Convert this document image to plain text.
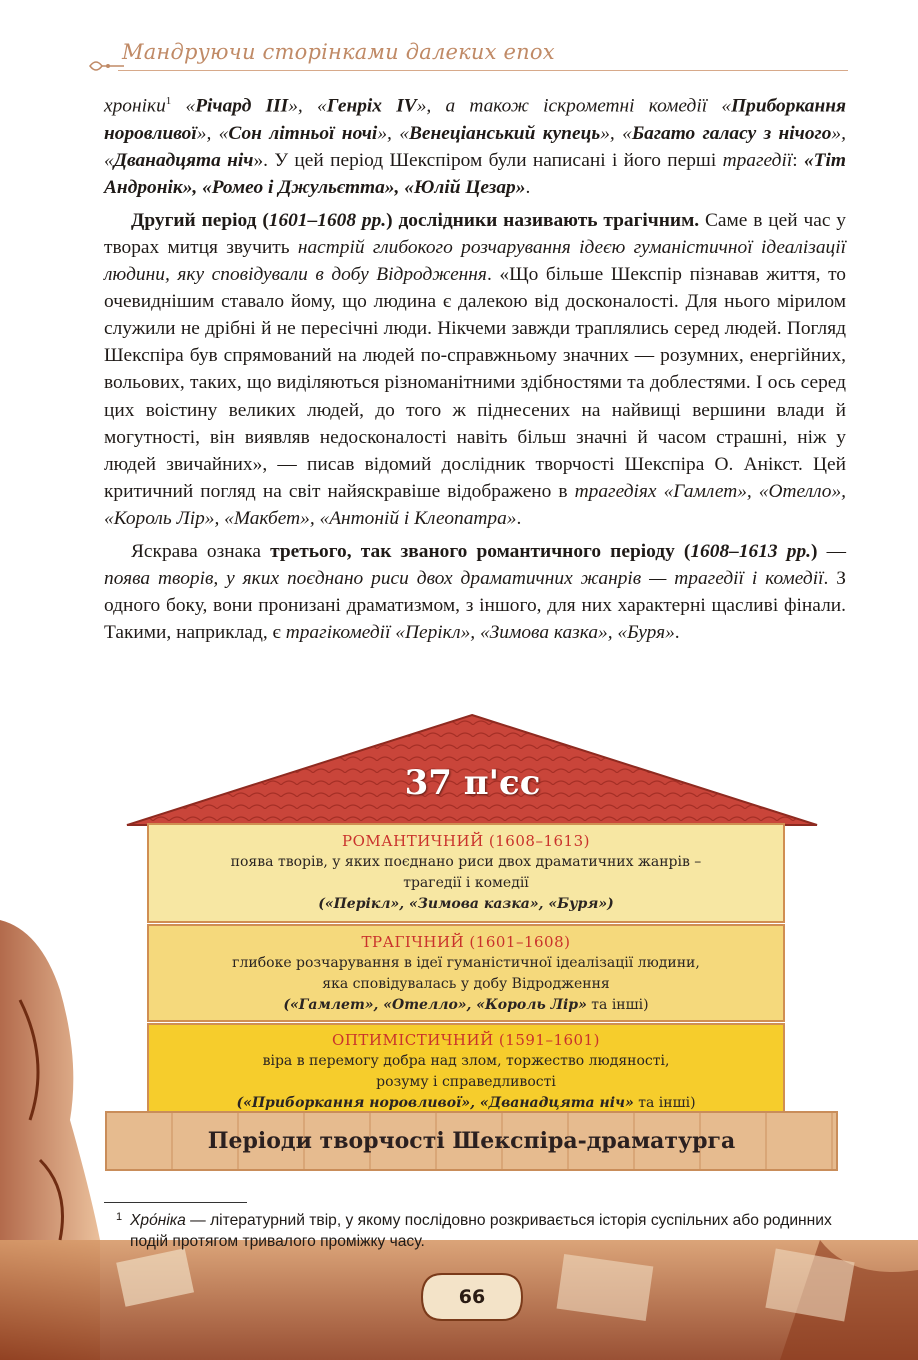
Мандруючи сторінками далеких епох

хроніки$^1$ «Річард ІІІ», «Генріх IV», а також іскрометні комедії «Приборкання норовливої», «Сон літньої ночі», «Венеціанський купець», «Багато галасу з нічого», «Дванадцята ніч». У цей період Шекспіром були написані і його перші трагедії: «Тіт Андронік», «Ромео і Джульєтта», «Юлій Цезар».

Другий період (1601–1608 рр.) дослідники називають трагічним. Саме в цей час у творах митця звучить настрій глибокого розчарування ідеєю гуманістичної ідеалізації людини, яку сповідували в добу Відродження. «Що більше Шекспір пізнавав життя, то очевиднішим ставало йому, що людина є далекою від досконалості. Для нього мірилом служили не дрібні й не пересічні люди. Нікчеми завжди траплялись серед людей. Погляд Шекспіра був спрямований на людей по-справжньому значних — розумних, енергійних, вольових, таких, що виділяються різноманітними здібностями та доблестями. І ось серед цих воістину великих людей, до того ж піднесених на найвищі вершини влади й могутності, він виявляв недосконалості навіть більш значні й часом страшні, ніж у людей звичайних», — писав відомий дослідник творчості Шекспіра О. Анікст. Цей критичний погляд на світ найяскравіше відображено в трагедіях «Гамлет», «Отелло», «Король Лір», «Макбет», «Антоній і Клеопатра».

Яскрава ознака третього, так званого романтичного періоду (1608–1613 рр.) — поява творів, у яких поєднано риси двох драматичних жанрів — трагедії і комедії. З одного боку, вони пронизані драматизмом, з іншого, для них характерні щасливі фінали. Такими, наприклад, є трагікомедії «Перікл», «Зимова казка», «Буря».

37 п'єс
РОМАНТИЧНИЙ (1608–1613)
поява творів, у яких поєднано риси двох драматичних жанрів –
трагедії і комедії
(«Перікл», «Зимова казка», «Буря»)
ТРАГІЧНИЙ (1601–1608)
глибоке розчарування в ідеї гуманістичної ідеалізації людини,
яка сповідувалась у добу Відродження
(«Гамлет», «Отелло», «Король Лір» та інші)
ОПТИМІСТИЧНИЙ (1591–1601)
віра в перемогу добра над злом, торжество людяності,
розуму і справедливості
(«Приборкання норовливої», «Дванадцята ніч» та інші)
Періоди творчості Шекспіра-драматурга
1 Хро́ніка — літературний твір, у якому послідовно розкривається історія суспільних або родинних подій протягом тривалого проміжку часу.
66
